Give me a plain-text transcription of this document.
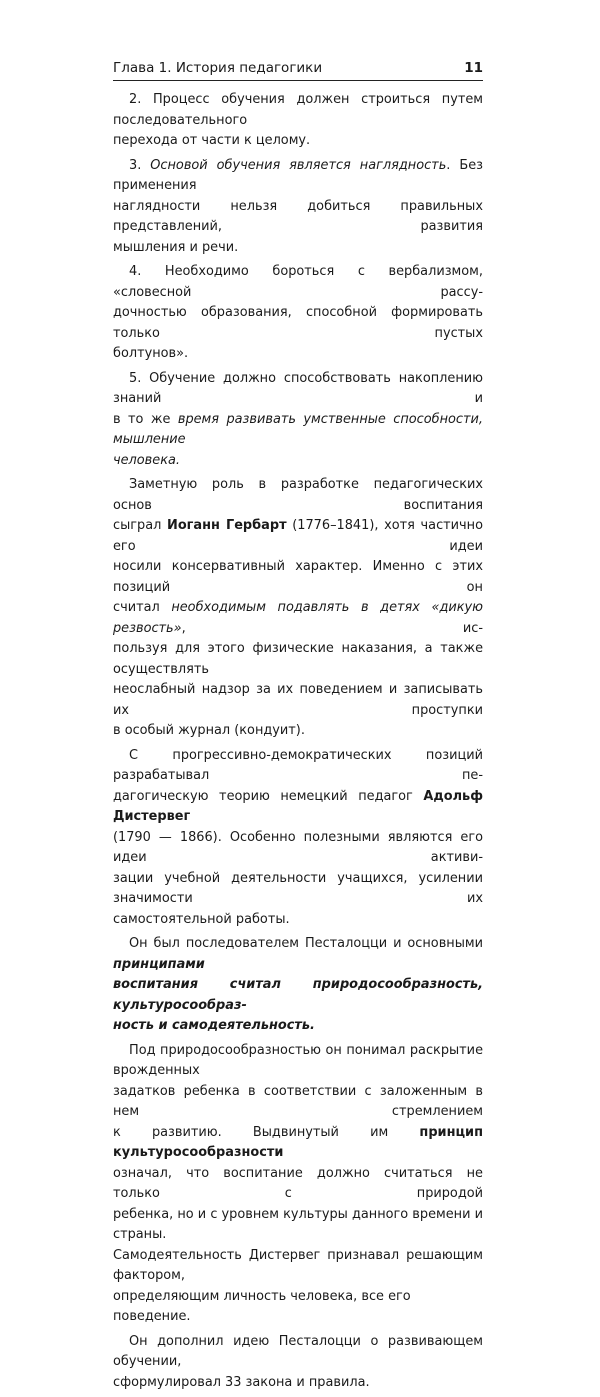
Глава 1. История педагогики	11
2. Процесс обучения должен строиться путем последовательного
перехода от части к целому.
3. Основой обучения является наглядность. Без применения
наглядности нельзя добиться правильных представлений, развития
мышления и речи.
4. Необходимо бороться с вербализмом, «словесной рассу-
дочностью образования, способной формировать только пустых
болтунов».
5. Обучение должно способствовать накоплению знаний и
в то же время развивать умственные способности, мышление
человека.
Заметную роль в разработке педагогических основ воспитания
сыграл Иоганн Гербарт (1776–1841), хотя частично его идеи
носили консервативный характер. Именно с этих позиций он
считал необходимым подавлять в детях «дикую резвость», ис-
пользуя для этого физические наказания, а также осуществлять
неослабный надзор за их поведением и записывать их проступки
в особый журнал (кондуит).
С прогрессивно-демократических позиций разрабатывал пе-
дагогическую теорию немецкий педагог Адольф Дистервег
(1790 — 1866). Особенно полезными являются его идеи активи-
зации учебной деятельности учащихся, усилении значимости их
самостоятельной работы.
Он был последователем Песталоцци и основными принципами
воспитания считал природосообразность, культуросообраз-
ность и самодеятельность.
Под природосообразностью он понимал раскрытие врожденных
задатков ребенка в соответствии с заложенным в нем стремлением
к развитию. Выдвинутый им принцип культуросообразности
означал, что воспитание должно считаться не только с природой
ребенка, но и с уровнем культуры данного времени и страны.
Самодеятельность Дистервег признавал решающим фактором,
определяющим личность человека, все его поведение.
Он дополнил идею Песталоцци о развивающем обучении,
сформулировал 33 закона и правила.
